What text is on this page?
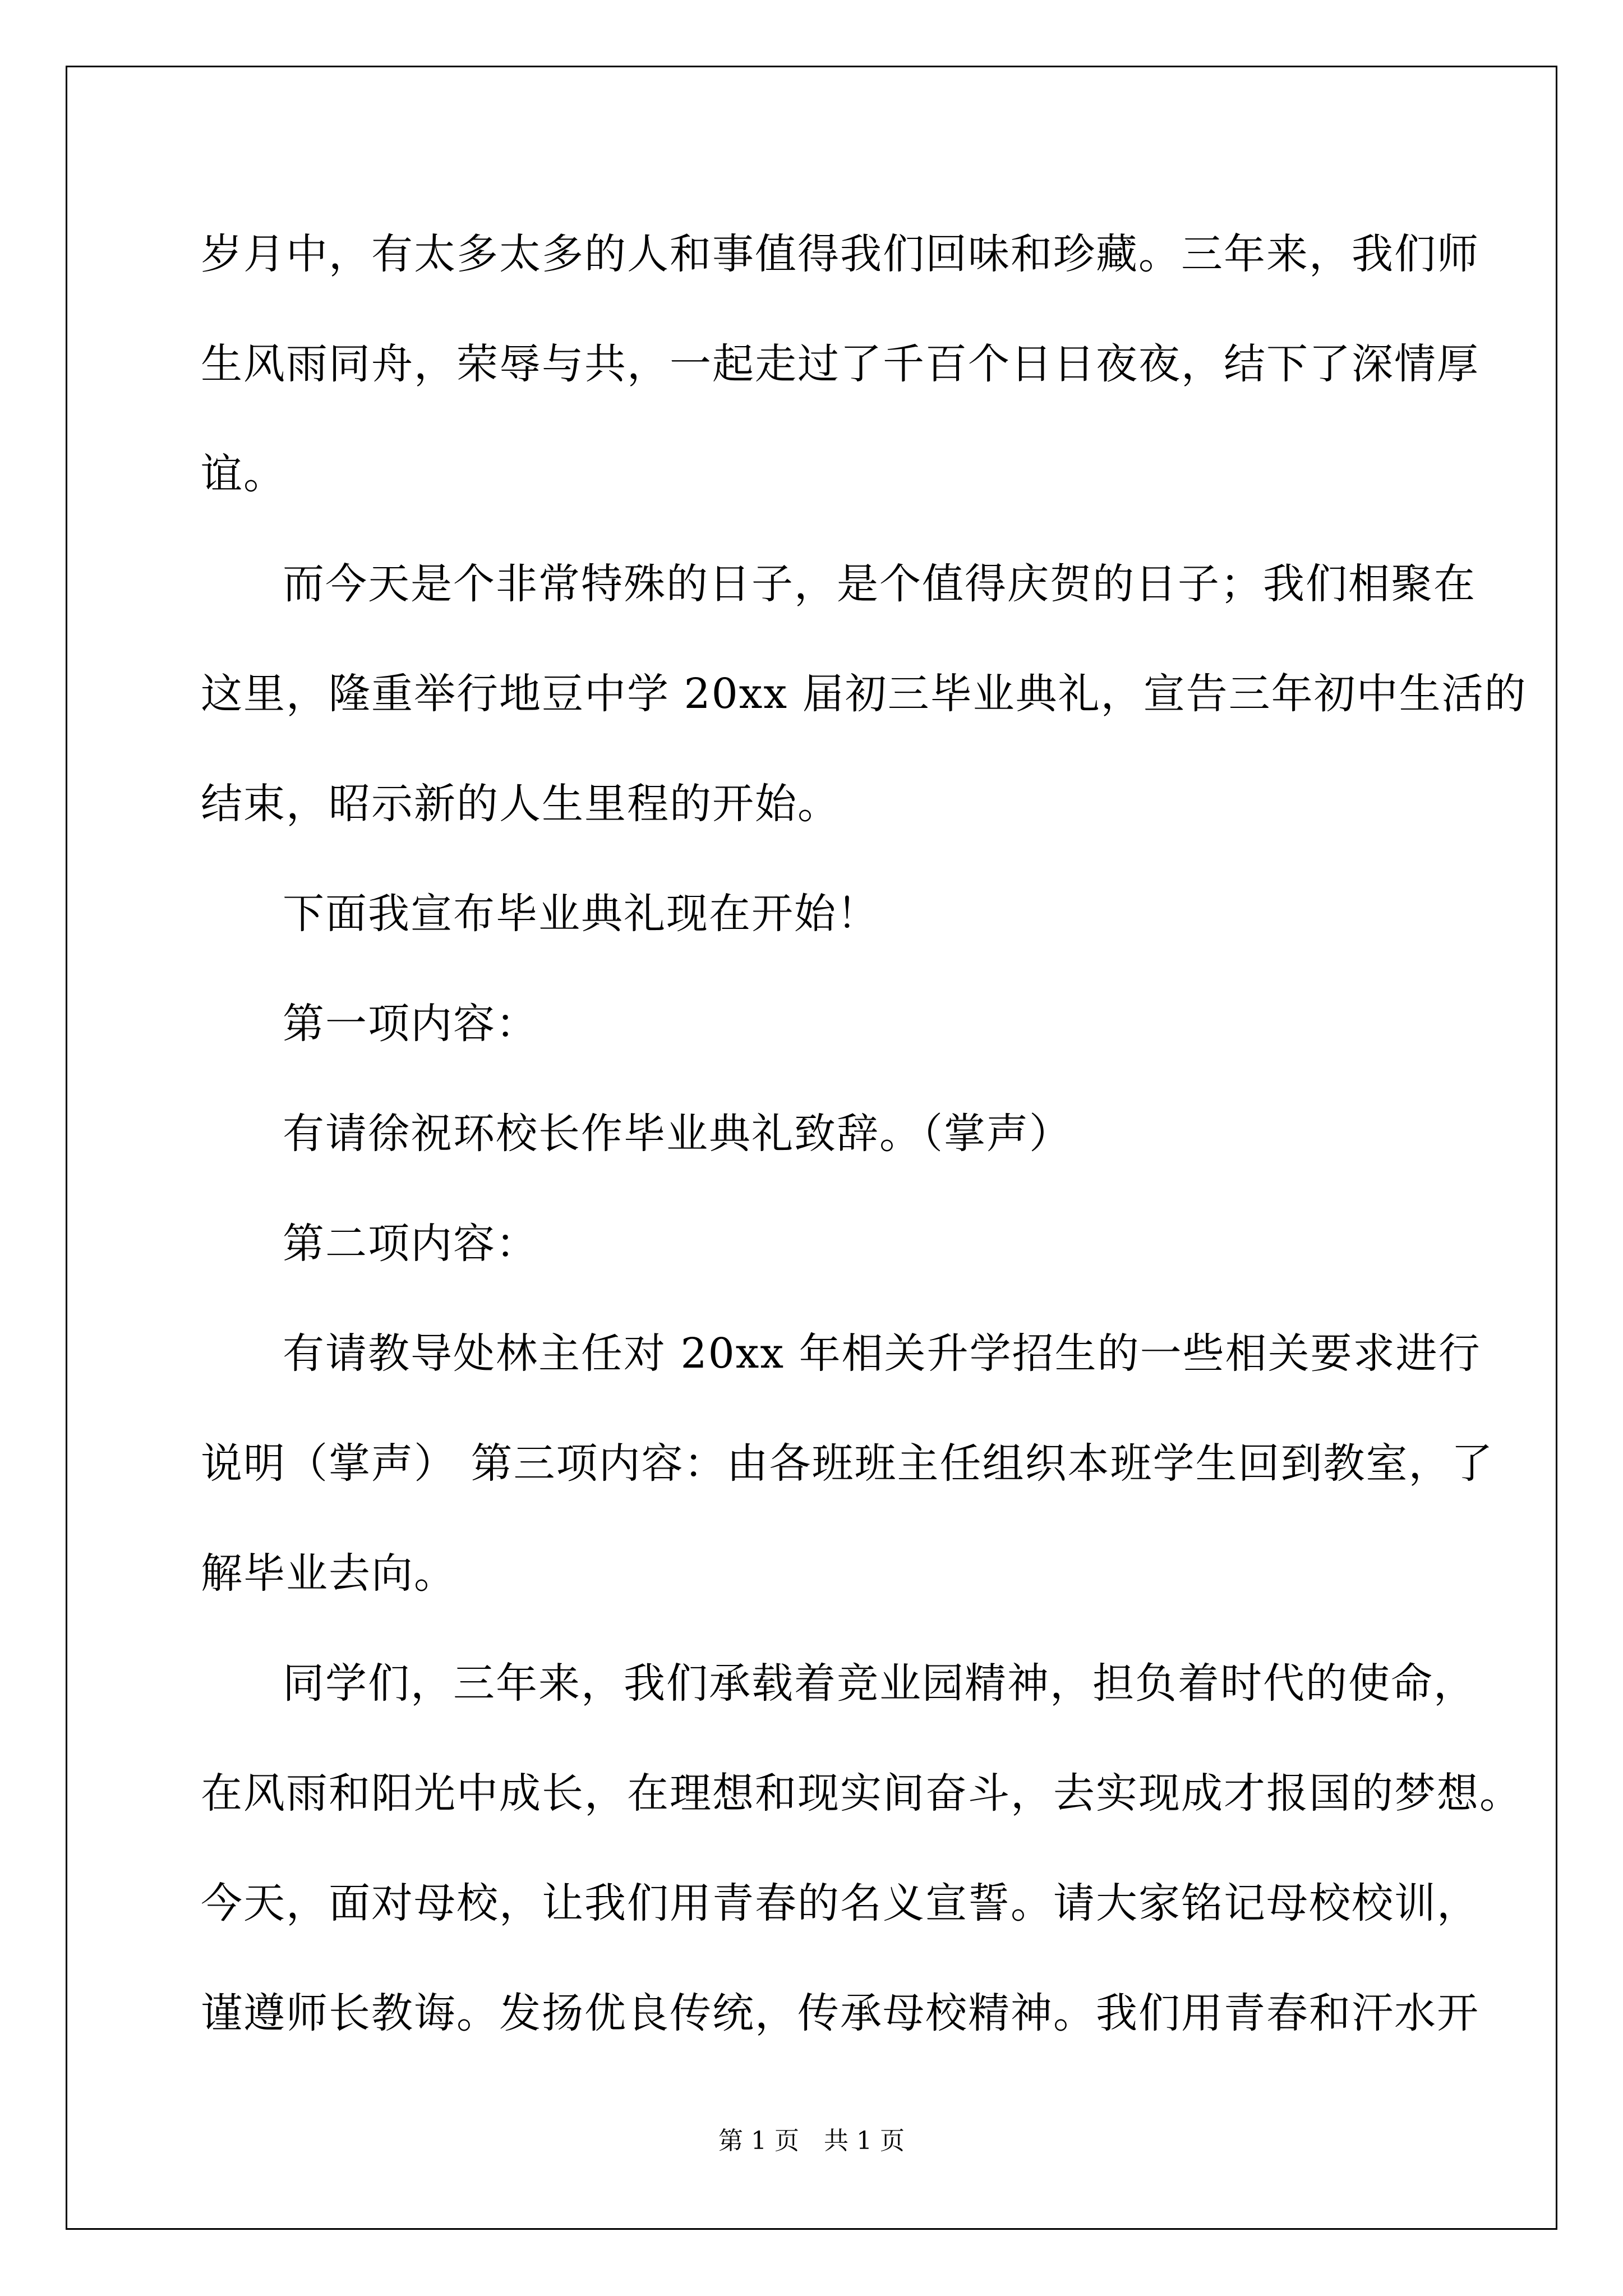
岁月中，有太多太多的人和事值得我们回味和珍藏。三年来，我们师

生风雨同舟，荣辱与共，一起走过了千百个日日夜夜，结下了深情厚

谊。

而今天是个非常特殊的日子，是个值得庆贺的日子；我们相聚在

这里，隆重举行地豆中学 20xx 届初三毕业典礼，宣告三年初中生活的

结束，昭示新的人生里程的开始。

下面我宣布毕业典礼现在开始！

第一项内容：

有请徐祝环校长作毕业典礼致辞。（掌声）

第二项内容：

有请教导处林主任对 20xx 年相关升学招生的一些相关要求进行

说明（掌声） 第三项内容：由各班班主任组织本班学生回到教室，了

解毕业去向。

同学们，三年来，我们承载着竞业园精神，担负着时代的使命，

在风雨和阳光中成长，在理想和现实间奋斗，去实现成才报国的梦想。

今天，面对母校，让我们用青春的名义宣誓。请大家铭记母校校训，

谨遵师长教诲。发扬优良传统，传承母校精神。我们用青春和汗水开

第 1 页　共 1 页
